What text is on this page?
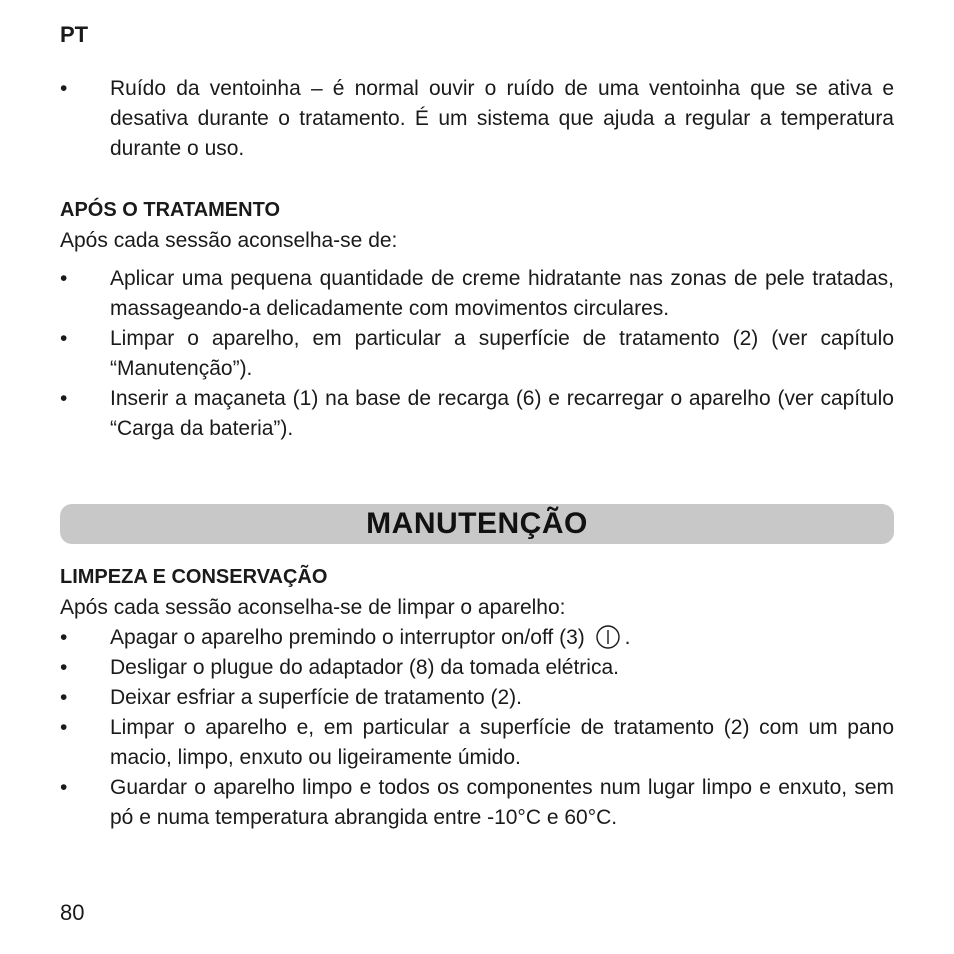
PT
•	Ruído da ventoinha – é normal ouvir o ruído de uma ventoinha que se ativa e desativa durante o tratamento. É um sistema que ajuda a regular a temperatura durante o uso.
APÓS O TRATAMENTO
Após cada sessão aconselha-se de:
•	Aplicar uma pequena quantidade de creme hidratante nas zonas de pele tratadas, massageando-a delicadamente com movimentos circulares.
•	Limpar o aparelho, em particular a superfície de tratamento (2) (ver capítulo “Manutenção”).
•	Inserir a maçaneta (1) na base de recarga (6) e recarregar o aparelho (ver capítulo “Carga da bateria”).
MANUTENÇÃO
LIMPEZA E CONSERVAÇÃO
Após cada sessão aconselha-se de limpar o aparelho:
•	Apagar o aparelho premindo o interruptor on/off (3) .
•	Desligar o plugue do adaptador (8) da tomada elétrica.
•	Deixar esfriar a superfície de tratamento (2).
•	Limpar o aparelho e, em particular a superfície de tratamento (2) com um pano macio, limpo, enxuto ou ligeiramente úmido.
•	Guardar o aparelho limpo e todos os componentes num lugar limpo e enxuto, sem pó e numa temperatura abrangida entre -10°C e 60°C.
80
